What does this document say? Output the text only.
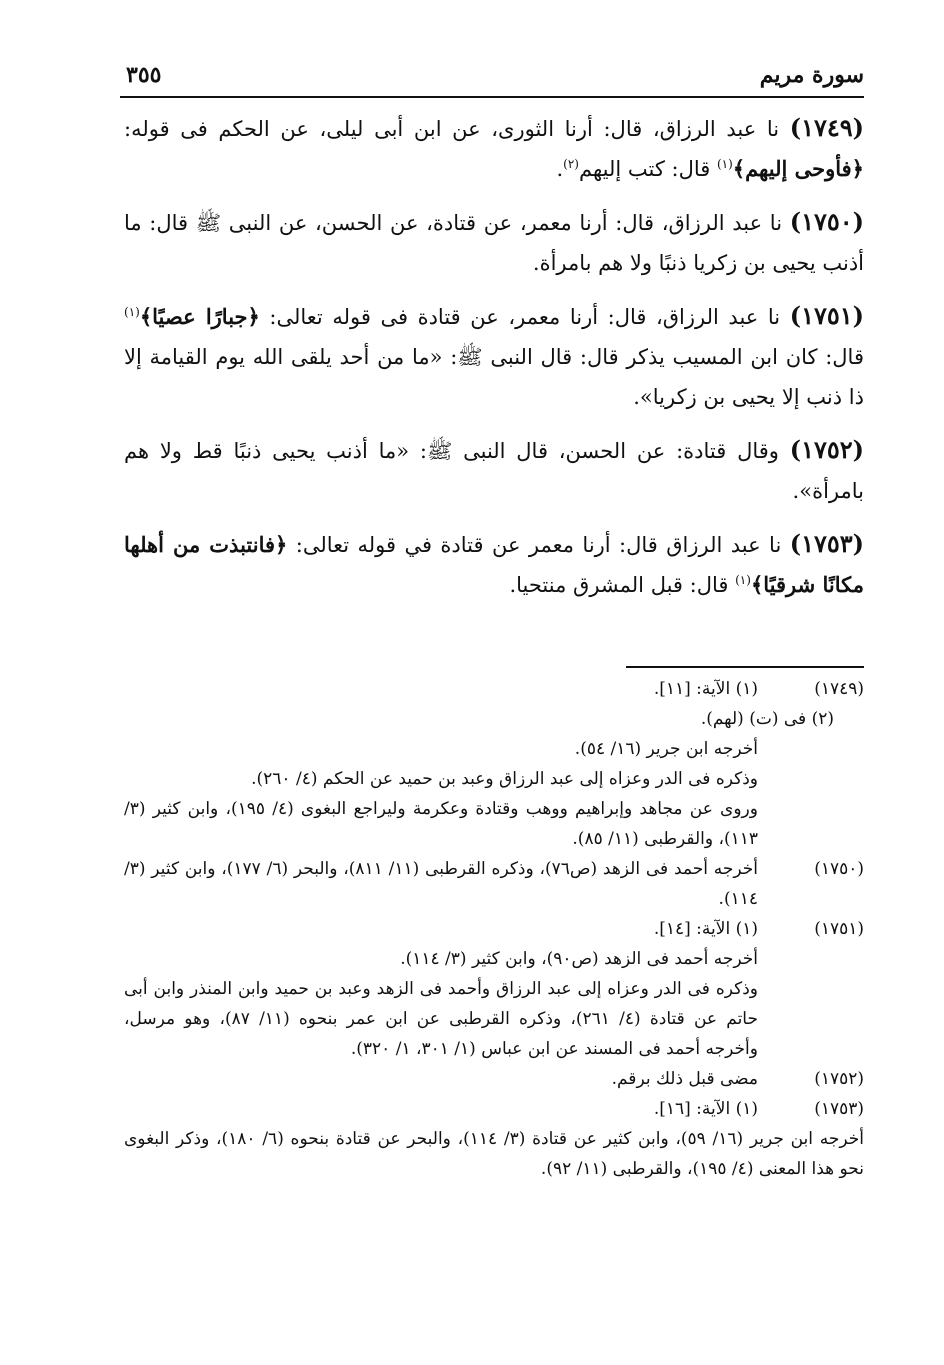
سورة مريم
٣٥٥

(١٧٤٩) نا عبد الرزاق، قال: أرنا الثورى، عن ابن أبى ليلى، عن الحكم فى قوله: ﴿فأوحى إليهم﴾$^{(١)}$ قال: كتب إليهم$^{(٢)}$.

(١٧٥٠) نا عبد الرزاق، قال: أرنا معمر، عن قتادة، عن الحسن، عن النبى ﷺ قال: ما أذنب يحيى بن زكريا ذنبًا ولا هم بامرأة.

(١٧٥١) نا عبد الرزاق، قال: أرنا معمر، عن قتادة فى قوله تعالى: ﴿جبارًا عصيًا﴾$^{(١)}$ قال: كان ابن المسيب يذكر قال: قال النبى ﷺ: «ما من أحد يلقى الله يوم القيامة إلا ذا ذنب إلا يحيى بن زكريا».

(١٧٥٢) وقال قتادة: عن الحسن، قال النبى ﷺ: «ما أذنب يحيى ذنبًا قط ولا هم بامرأة».

(١٧٥٣) نا عبد الرزاق قال: أرنا معمر عن قتادة في قوله تعالى: ﴿فانتبذت من أهلها مكانًا شرقيًا﴾$^{(١)}$ قال: قبل المشرق منتحيا.

(١٧٤٩)
(١) الآية: [١١].
(٢) فى (ت) (لهم).
أخرجه ابن جرير (١٦/ ٥٤).
وذكره فى الدر وعزاه إلى عبد الرزاق وعبد بن حميد عن الحكم (٤/ ٢٦٠).
وروى عن مجاهد وإبراهيم ووهب وقتادة وعكرمة وليراجع البغوى (٤/ ١٩٥)، وابن كثير (٣/ ١١٣)، والقرطبى (١١/ ٨٥).
(١٧٥٠)
أخرجه أحمد فى الزهد (ص٧٦)، وذكره القرطبى (١١/ ٨١١)، والبحر (٦/ ١٧٧)، وابن كثير (٣/ ١١٤).
(١٧٥١)
(١) الآية: [١٤].
أخرجه أحمد فى الزهد (ص٩٠)، وابن كثير (٣/ ١١٤).
وذكره فى الدر وعزاه إلى عبد الرزاق وأحمد فى الزهد وعبد بن حميد وابن المنذر وابن أبى حاتم عن قتادة (٤/ ٢٦١)، وذكره القرطبى عن ابن عمر بنحوه (١١/ ٨٧)، وهو مرسل، وأخرجه أحمد فى المسند عن ابن عباس (١/ ٣٠١، ١/ ٣٢٠).
(١٧٥٢)
مضى قبل ذلك برقم.
(١٧٥٣)
(١) الآية: [١٦].
أخرجه ابن جرير (١٦/ ٥٩)، وابن كثير عن قتادة (٣/ ١١٤)، والبحر عن قتادة بنحوه (٦/ ١٨٠)، وذكر البغوى نحو هذا المعنى (٤/ ١٩٥)، والقرطبى (١١/ ٩٢).
